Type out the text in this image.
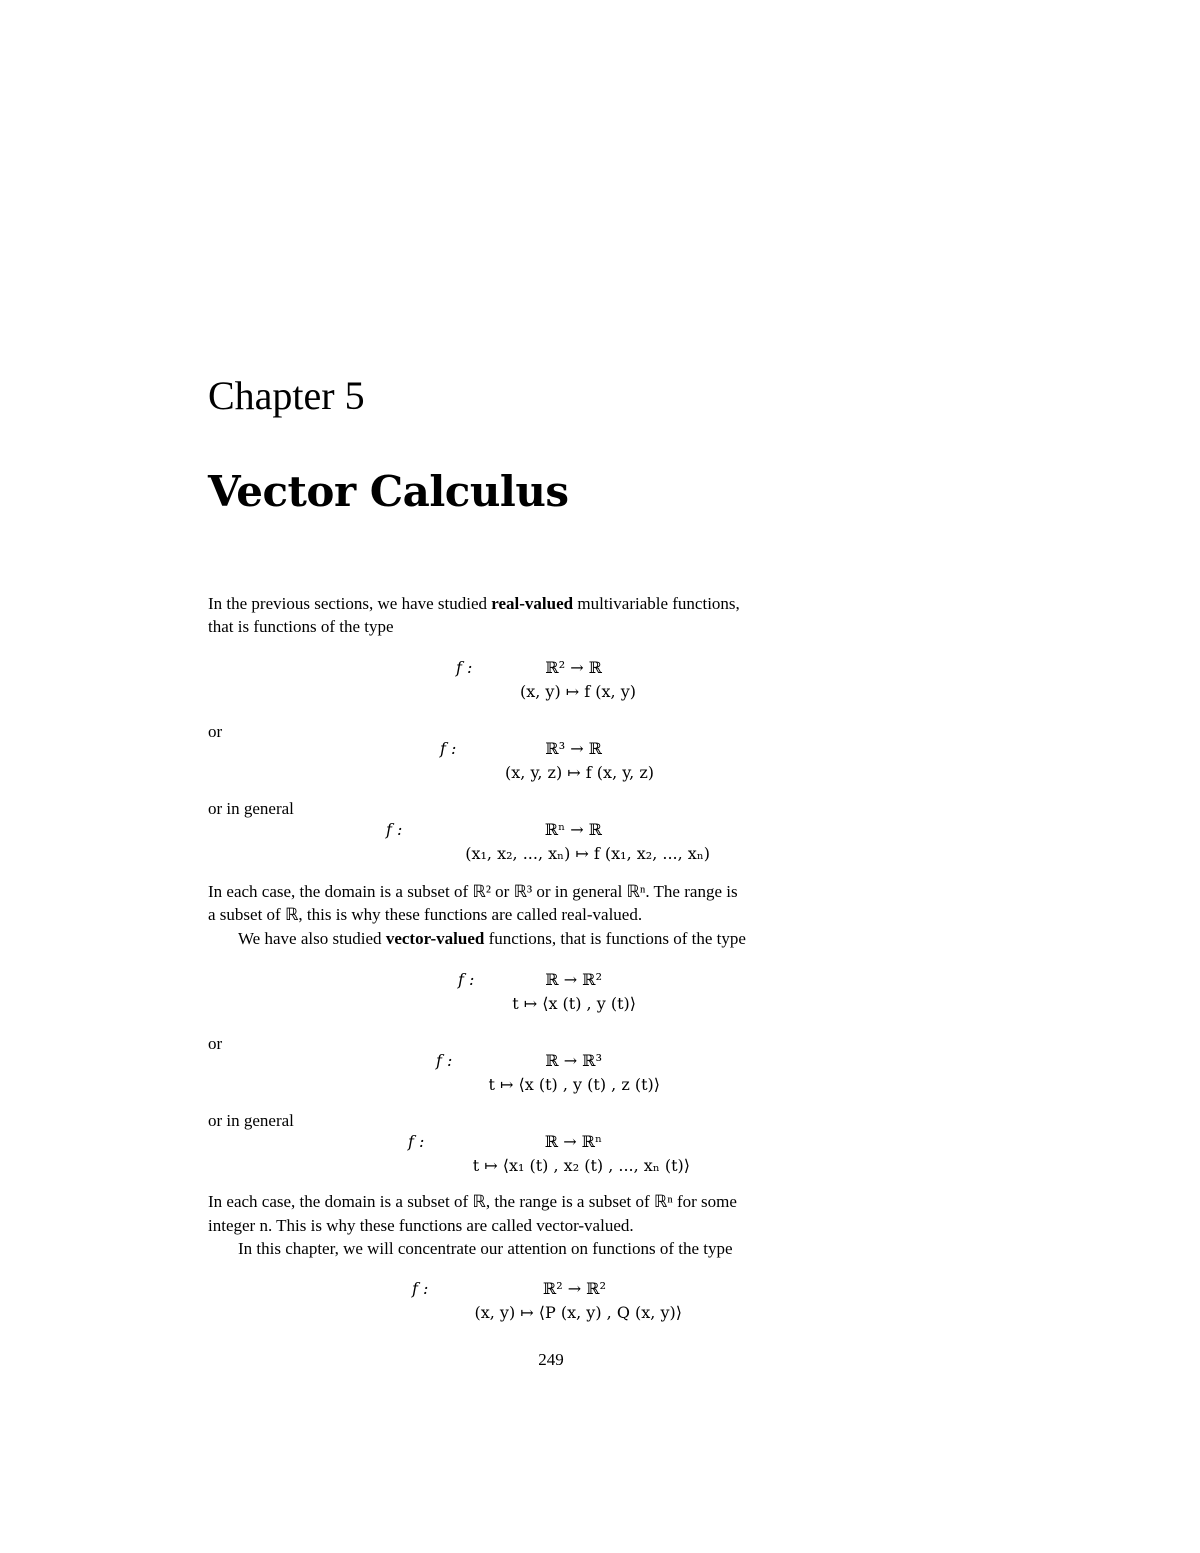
Chapter 5
Vector Calculus

In the previous sections, we have studied real-valued multivariable functions,

that is functions of the type

f :	ℝ² → ℝ
(x, y) ↦ f (x, y)

or

f :	ℝ³ → ℝ
(x, y, z) ↦ f (x, y, z)

or in general

f :	ℝⁿ → ℝ
(x₁, x₂, ..., xₙ) ↦ f (x₁, x₂, ..., xₙ)

In each case, the domain is a subset of ℝ² or ℝ³ or in general ℝⁿ. The range is

a subset of ℝ, this is why these functions are called real-valued.

We have also studied vector-valued functions, that is functions of the type

f :	ℝ → ℝ²
t ↦ ⟨x (t) , y (t)⟩

or

f :	ℝ → ℝ³
t ↦ ⟨x (t) , y (t) , z (t)⟩

or in general

f :	ℝ → ℝⁿ
t ↦ ⟨x₁ (t) , x₂ (t) , ..., xₙ (t)⟩

In each case, the domain is a subset of ℝ, the range is a subset of ℝⁿ for some

integer n. This is why these functions are called vector-valued.

In this chapter, we will concentrate our attention on functions of the type

f :	ℝ² → ℝ²
(x, y) ↦ ⟨P (x, y) , Q (x, y)⟩
249
